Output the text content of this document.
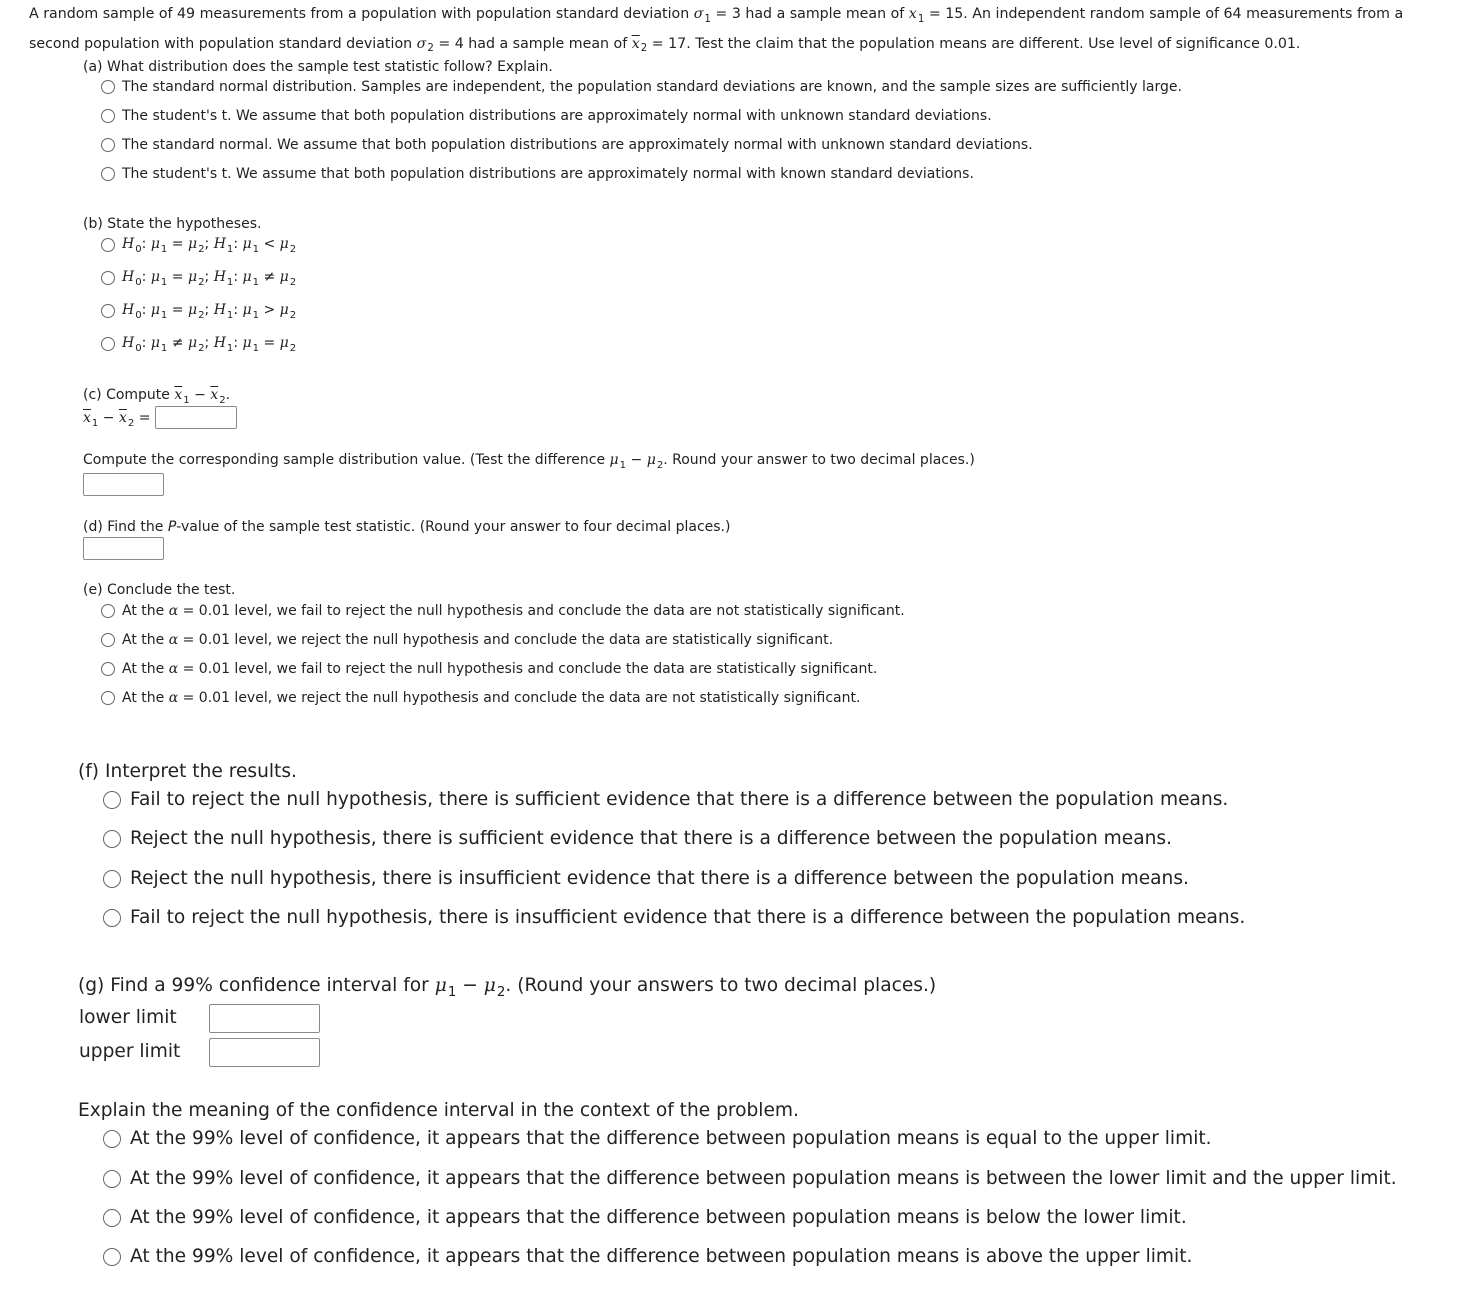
A random sample of 49 measurements from a population with population standard deviation $\sigma_1 = 3$ had a sample mean of $x_1 = 15$. An independent random sample of 64 measurements from a second population with population standard deviation $\sigma_2 = 4$ had a sample mean of $\overline{x}_2 = 17$. Test the claim that the population means are different. Use level of significance 0.01.
(a) What distribution does the sample test statistic follow? Explain.
The standard normal distribution. Samples are independent, the population standard deviations are known, and the sample sizes are sufficiently large.
The student's t. We assume that both population distributions are approximately normal with unknown standard deviations.
The standard normal. We assume that both population distributions are approximately normal with unknown standard deviations.
The student's t. We assume that both population distributions are approximately normal with known standard deviations.
(b) State the hypotheses.
$H_0$: $\mu_1 = \mu_2$; $H_1$: $\mu_1 < \mu_2$
$H_0$: $\mu_1 = \mu_2$; $H_1$: $\mu_1 \ne \mu_2$
$H_0$: $\mu_1 = \mu_2$; $H_1$: $\mu_1 > \mu_2$
$H_0$: $\mu_1 \ne \mu_2$; $H_1$: $\mu_1 = \mu_2$
(c) Compute $\overline{x}_1 - \overline{x}_2$.
$\overline{x}_1 - \overline{x}_2$ =
Compute the corresponding sample distribution value. (Test the difference $\mu_1 - \mu_2$. Round your answer to two decimal places.)
(d) Find the P-value of the sample test statistic. (Round your answer to four decimal places.)
(e) Conclude the test.
At the α = 0.01 level, we fail to reject the null hypothesis and conclude the data are not statistically significant.
At the α = 0.01 level, we reject the null hypothesis and conclude the data are statistically significant.
At the α = 0.01 level, we fail to reject the null hypothesis and conclude the data are statistically significant.
At the α = 0.01 level, we reject the null hypothesis and conclude the data are not statistically significant.
(f) Interpret the results.
Fail to reject the null hypothesis, there is sufficient evidence that there is a difference between the population means.
Reject the null hypothesis, there is sufficient evidence that there is a difference between the population means.
Reject the null hypothesis, there is insufficient evidence that there is a difference between the population means.
Fail to reject the null hypothesis, there is insufficient evidence that there is a difference between the population means.
(g) Find a 99% confidence interval for $\mu_1 - \mu_2$. (Round your answers to two decimal places.)
lower limit
upper limit
Explain the meaning of the confidence interval in the context of the problem.
At the 99% level of confidence, it appears that the difference between population means is equal to the upper limit.
At the 99% level of confidence, it appears that the difference between population means is between the lower limit and the upper limit.
At the 99% level of confidence, it appears that the difference between population means is below the lower limit.
At the 99% level of confidence, it appears that the difference between population means is above the upper limit.
